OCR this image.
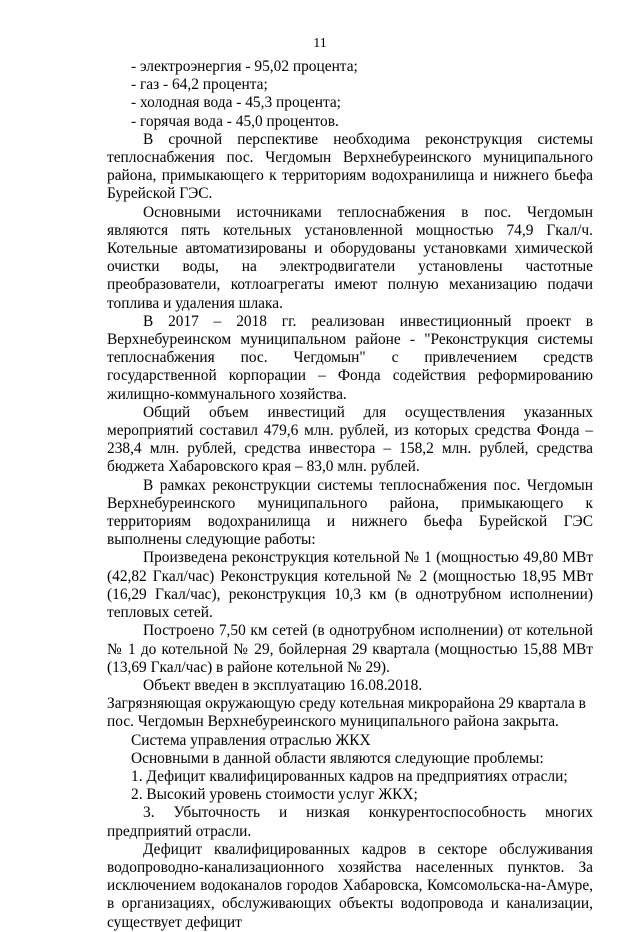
11

- электроэнергия - 95,02 процента;

- газ - 64,2 процента;

- холодная вода - 45,3 процента;

- горячая вода - 45,0 процентов.

В срочной перспективе необходима реконструкция системы теплоснабжения пос. Чегдомын Верхнебуреинского муниципального района, примыкающего к территориям водохранилища и нижнего бьефа Бурейской ГЭС.

Основными источниками теплоснабжения в пос. Чегдомын являются пять котельных установленной мощностью 74,9 Гкал/ч. Котельные автоматизированы и оборудованы установками химической очистки воды, на электродвигатели установлены частотные преобразователи, котлоагрегаты имеют полную механизацию подачи топлива и удаления шлака.

В 2017 – 2018 гг. реализован инвестиционный проект в Верхнебуреинском муниципальном районе - "Реконструкция системы теплоснабжения пос. Чегдомын" с привлечением средств государственной корпорации – Фонда содействия реформированию жилищно-коммунального хозяйства.

Общий объем инвестиций для осуществления указанных мероприятий составил 479,6 млн. рублей, из которых средства Фонда – 238,4 млн. рублей, средства инвестора – 158,2 млн. рублей, средства бюджета Хабаровского края – 83,0 млн. рублей.

В рамках реконструкции системы теплоснабжения пос. Чегдомын Верхнебуреинского муниципального района, примыкающего к территориям водохранилища и нижнего бьефа Бурейской ГЭС выполнены следующие работы:

Произведена реконструкция котельной № 1 (мощностью 49,80 МВт (42,82 Гкал/час) Реконструкция котельной № 2 (мощностью 18,95 МВт (16,29 Гкал/час), реконструкция 10,3 км (в однотрубном исполнении) тепловых сетей.

Построено 7,50 км сетей (в однотрубном исполнении) от котельной № 1 до котельной № 29, бойлерная 29 квартала (мощностью 15,88 МВт (13,69 Гкал/час) в районе котельной № 29).

Объект введен в эксплуатацию 16.08.2018.

Загрязняющая окружающую среду котельная микрорайона 29 квартала в пос. Чегдомын Верхнебуреинского муниципального района закрыта.

Система управления отраслью ЖКХ

Основными в данной области являются следующие проблемы:

1. Дефицит квалифицированных кадров на предприятиях отрасли;

2. Высокий уровень стоимости услуг ЖКХ;

3. Убыточность и низкая конкурентоспособность многих предприятий отрасли.

Дефицит квалифицированных кадров в секторе обслуживания водопроводно-канализационного хозяйства населенных пунктов. За исключением водоканалов городов Хабаровска, Комсомольска-на-Амуре, в организациях, обслуживающих объекты водопровода и канализации, существует дефицит
